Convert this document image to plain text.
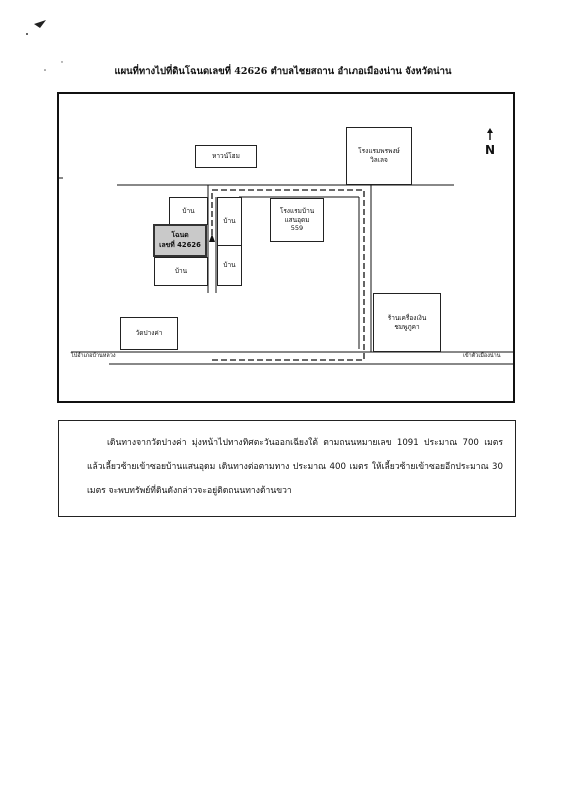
แผนที่ทางไปที่ดินโฉนดเลขที่ 42626 ตำบลไชยสถาน อำเภอเมืองน่าน จังหวัดน่าน
หาวน์โฮม
โรงแรมพรพงษ์
วิลเลจ
บ้าน
โฉนด
เลขที่ 42626
บ้าน
บ้าน
บ้าน
โรงแรมบ้าน
แสนอุดม
559
ร้านเครื่องเงิน
ชมพูภูคา
วัดปางค่า
ไปอำเภอบ้านหลวง	เข้าตัวเมืองน่าน
N

เดินทางจากวัดปางค่า มุ่งหน้าไปทางทิศตะวันออกเฉียงใต้ ตามถนนหมายเลข 1091 ประมาณ 700 เมตร แล้วเลี้ยวซ้ายเข้าซอยบ้านแสนอุดม เดินทางต่อตามทาง ประมาณ 400 เมตร ให้เลี้ยวซ้ายเข้าซอยอีกประมาณ 30 เมตร จะพบทรัพย์ที่ดินดังกล่าวจะอยู่ติดถนนทางด้านขวา
